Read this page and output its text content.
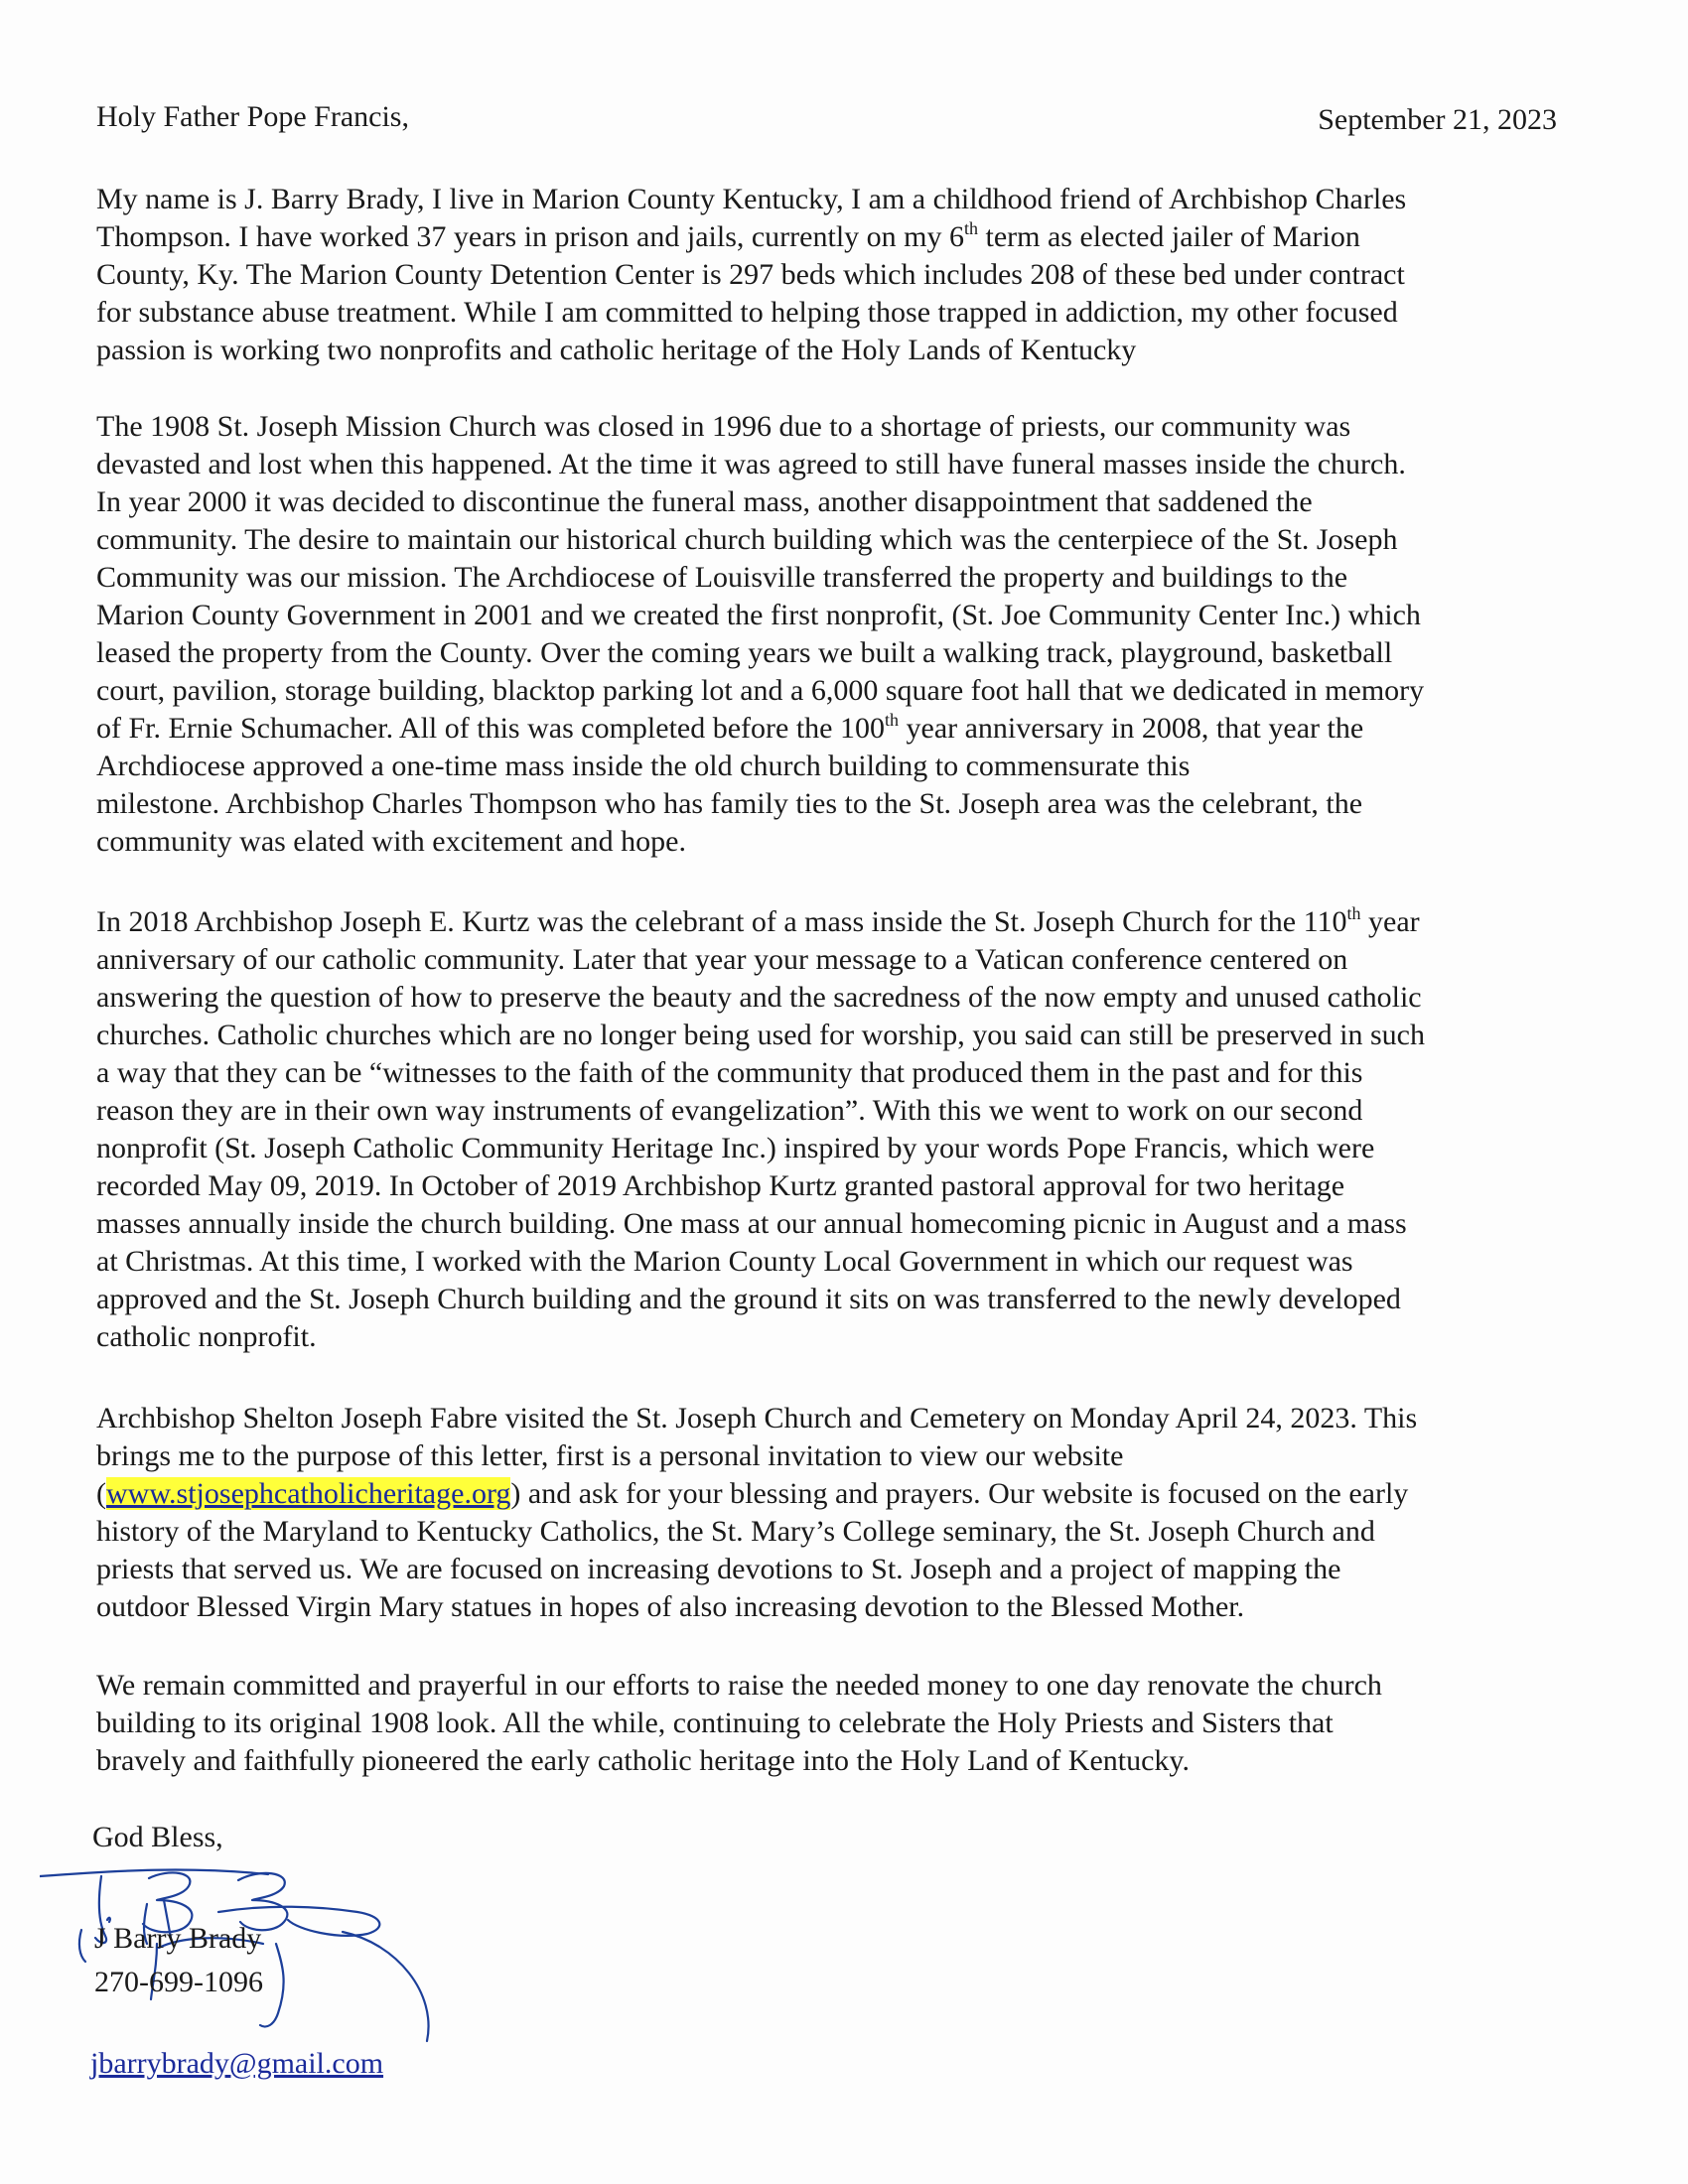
Holy Father Pope Francis,	September 21, 2023
My name is J. Barry Brady, I live in Marion County Kentucky, I am a childhood friend of Archbishop Charles
Thompson. I have worked 37 years in prison and jails, currently on my 6th term as elected jailer of Marion
County, Ky. The Marion County Detention Center is 297 beds which includes 208 of these bed under contract
for substance abuse treatment. While I am committed to helping those trapped in addiction, my other focused
passion is working two nonprofits and catholic heritage of the Holy Lands of Kentucky
The 1908 St. Joseph Mission Church was closed in 1996 due to a shortage of priests, our community was
devasted and lost when this happened. At the time it was agreed to still have funeral masses inside the church.
In year 2000 it was decided to discontinue the funeral mass, another disappointment that saddened the
community. The desire to maintain our historical church building which was the centerpiece of the St. Joseph
Community was our mission. The Archdiocese of Louisville transferred the property and buildings to the
Marion County Government in 2001 and we created the first nonprofit, (St. Joe Community Center Inc.) which
leased the property from the County. Over the coming years we built a walking track, playground, basketball
court, pavilion, storage building, blacktop parking lot and a 6,000 square foot hall that we dedicated in memory
of Fr. Ernie Schumacher. All of this was completed before the 100th year anniversary in 2008, that year the
Archdiocese approved a one-time mass inside the old church building to commensurate this
milestone. Archbishop Charles Thompson who has family ties to the St. Joseph area was the celebrant, the
community was elated with excitement and hope.
In 2018 Archbishop Joseph E. Kurtz was the celebrant of a mass inside the St. Joseph Church for the 110th year
anniversary of our catholic community. Later that year your message to a Vatican conference centered on
answering the question of how to preserve the beauty and the sacredness of the now empty and unused catholic
churches. Catholic churches which are no longer being used for worship, you said can still be preserved in such
a way that they can be “witnesses to the faith of the community that produced them in the past and for this
reason they are in their own way instruments of evangelization”. With this we went to work on our second
nonprofit (St. Joseph Catholic Community Heritage Inc.) inspired by your words Pope Francis, which were
recorded May 09, 2019. In October of 2019 Archbishop Kurtz granted pastoral approval for two heritage
masses annually inside the church building. One mass at our annual homecoming picnic in August and a mass
at Christmas. At this time, I worked with the Marion County Local Government in which our request was
approved and the St. Joseph Church building and the ground it sits on was transferred to the newly developed
catholic nonprofit.
Archbishop Shelton Joseph Fabre visited the St. Joseph Church and Cemetery on Monday April 24, 2023. This
brings me to the purpose of this letter, first is a personal invitation to view our website
(www.stjosephcatholicheritage.org) and ask for your blessing and prayers. Our website is focused on the early
history of the Maryland to Kentucky Catholics, the St. Mary’s College seminary, the St. Joseph Church and
priests that served us. We are focused on increasing devotions to St. Joseph and a project of mapping the
outdoor Blessed Virgin Mary statues in hopes of also increasing devotion to the Blessed Mother.
We remain committed and prayerful in our efforts to raise the needed money to one day renovate the church
building to its original 1908 look. All the while, continuing to celebrate the Holy Priests and Sisters that
bravely and faithfully pioneered the early catholic heritage into the Holy Land of Kentucky.
God Bless,
J Barry Brady
270-699-1096
jbarrybrady@gmail.com
